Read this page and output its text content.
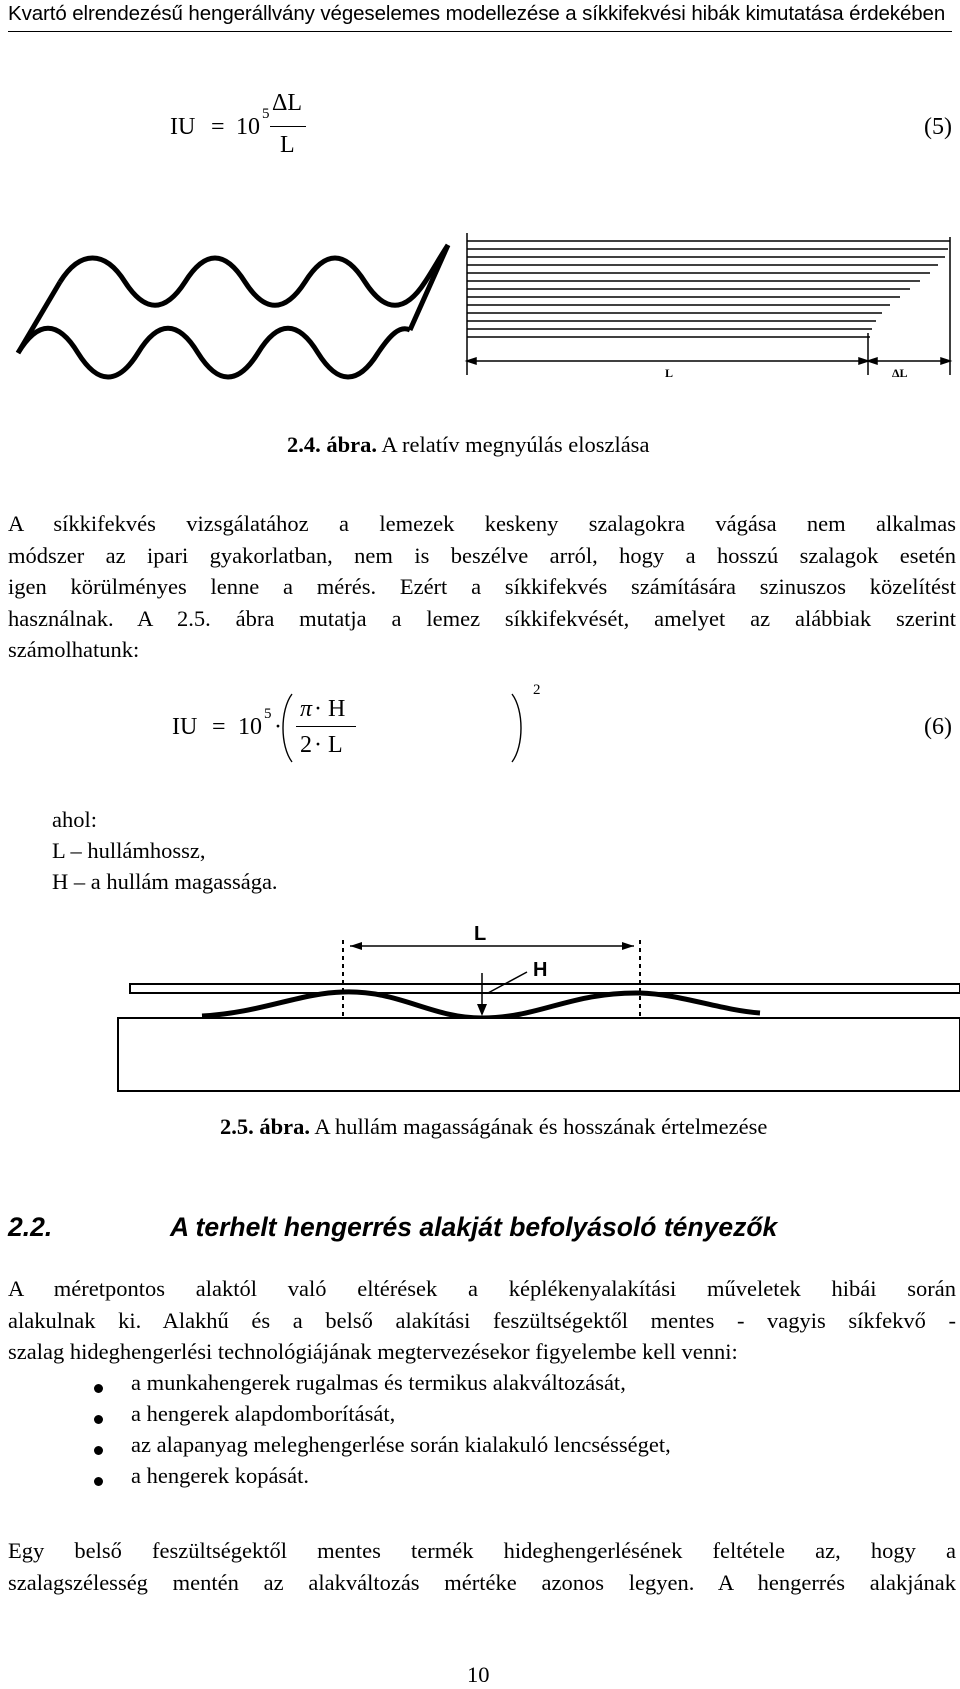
Kvartó elrendezésű hengerállvány végeselemes modellezése a síkkifekvési hibák kimutatása érdekében
IU = 10 5 ΔL
L
(5)
L	ΔL
2.4. ábra. A relatív megnyúlás eloszlása
A síkkifekvés vizsgálatához a lemezek keskeny szalagokra vágása nem alkalmas
módszer az ipari gyakorlatban, nem is beszélve arról, hogy a hosszú szalagok esetén
igen körülményes lenne a mérés. Ezért a síkkifekvés számítására szinuszos közelítést
használnak. A 2.5. ábra mutatja a lemez síkkifekvését, amelyet az alábbiak szerint
számolhatunk:
IU = 10 5 ·
π · H
2 · L
2
(6)
ahol:
L – hullámhossz,
H – a hullám magassága.
L
H
2.5. ábra. A hullám magasságának és hosszának értelmezése
2.2.	A terhelt hengerrés alakját befolyásoló tényezők
A méretpontos alaktól való eltérések a képlékenyalakítási műveletek hibái során
alakulnak ki. Alakhű és a belső alakítási feszültségektől mentes - vagyis síkfekvő -
szalag hideghengerlési technológiájának megtervezésekor figyelembe kell venni:
a munkahengerek rugalmas és termikus alakváltozását,
a hengerek alapdomborítását,
az alapanyag meleghengerlése során kialakuló lencsésséget,
a hengerek kopását.
Egy belső feszültségektől mentes termék hideghengerlésének feltétele az, hogy a
szalagszélesség mentén az alakváltozás mértéke azonos legyen. A hengerrés alakjának
10
